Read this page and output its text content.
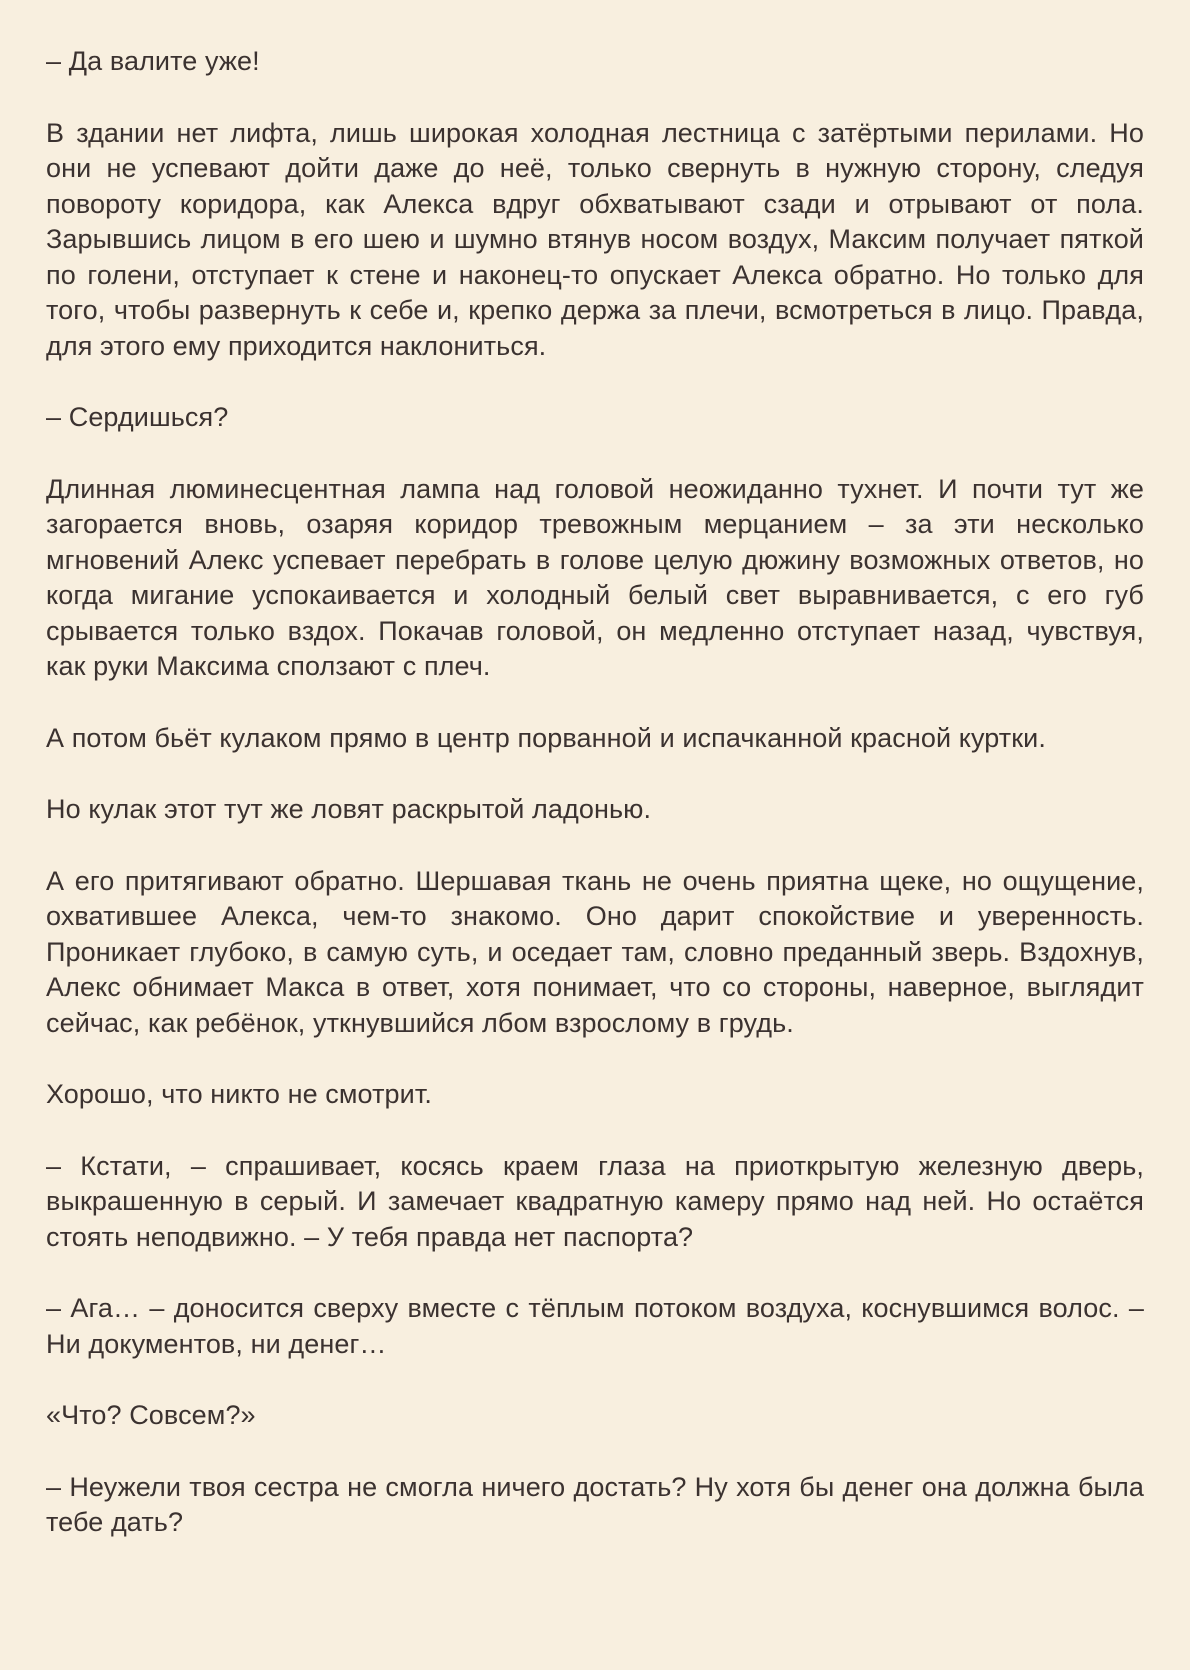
– Да валите уже!

В здании нет лифта, лишь широкая холодная лестница с затёртыми перилами. Но они не успевают дойти даже до неё, только свернуть в нужную сторону, следуя повороту коридора, как Алекса вдруг обхватывают сзади и отрывают от пола. Зарывшись лицом в его шею и шумно втянув носом воздух, Максим получает пяткой по голени, отступает к стене и наконец-то опускает Алекса обратно. Но только для того, чтобы развернуть к себе и, крепко держа за плечи, всмотреться в лицо. Правда, для этого ему приходится наклониться.

– Сердишься?

Длинная люминесцентная лампа над головой неожиданно тухнет. И почти тут же загорается вновь, озаряя коридор тревожным мерцанием – за эти несколько мгновений Алекс успевает перебрать в голове целую дюжину возможных ответов, но когда мигание успокаивается и холодный белый свет выравнивается, с его губ срывается только вздох. Покачав головой, он медленно отступает назад, чувствуя, как руки Максима сползают с плеч.

А потом бьёт кулаком прямо в центр порванной и испачканной красной куртки.

Но кулак этот тут же ловят раскрытой ладонью.

А его притягивают обратно. Шершавая ткань не очень приятна щеке, но ощущение, охватившее Алекса, чем-то знакомо. Оно дарит спокойствие и уверенность. Проникает глубоко, в самую суть, и оседает там, словно преданный зверь. Вздохнув, Алекс обнимает Макса в ответ, хотя понимает, что со стороны, наверное, выглядит сейчас, как ребёнок, уткнувшийся лбом взрослому в грудь.

Хорошо, что никто не смотрит.

– Кстати, – спрашивает, косясь краем глаза на приоткрытую железную дверь, выкрашенную в серый. И замечает квадратную камеру прямо над ней. Но остаётся стоять неподвижно. – У тебя правда нет паспорта?

– Ага… – доносится сверху вместе с тёплым потоком воздуха, коснувшимся волос. – Ни документов, ни денег…

«Что? Совсем?»

– Неужели твоя сестра не смогла ничего достать? Ну хотя бы денег она должна была тебе дать?
